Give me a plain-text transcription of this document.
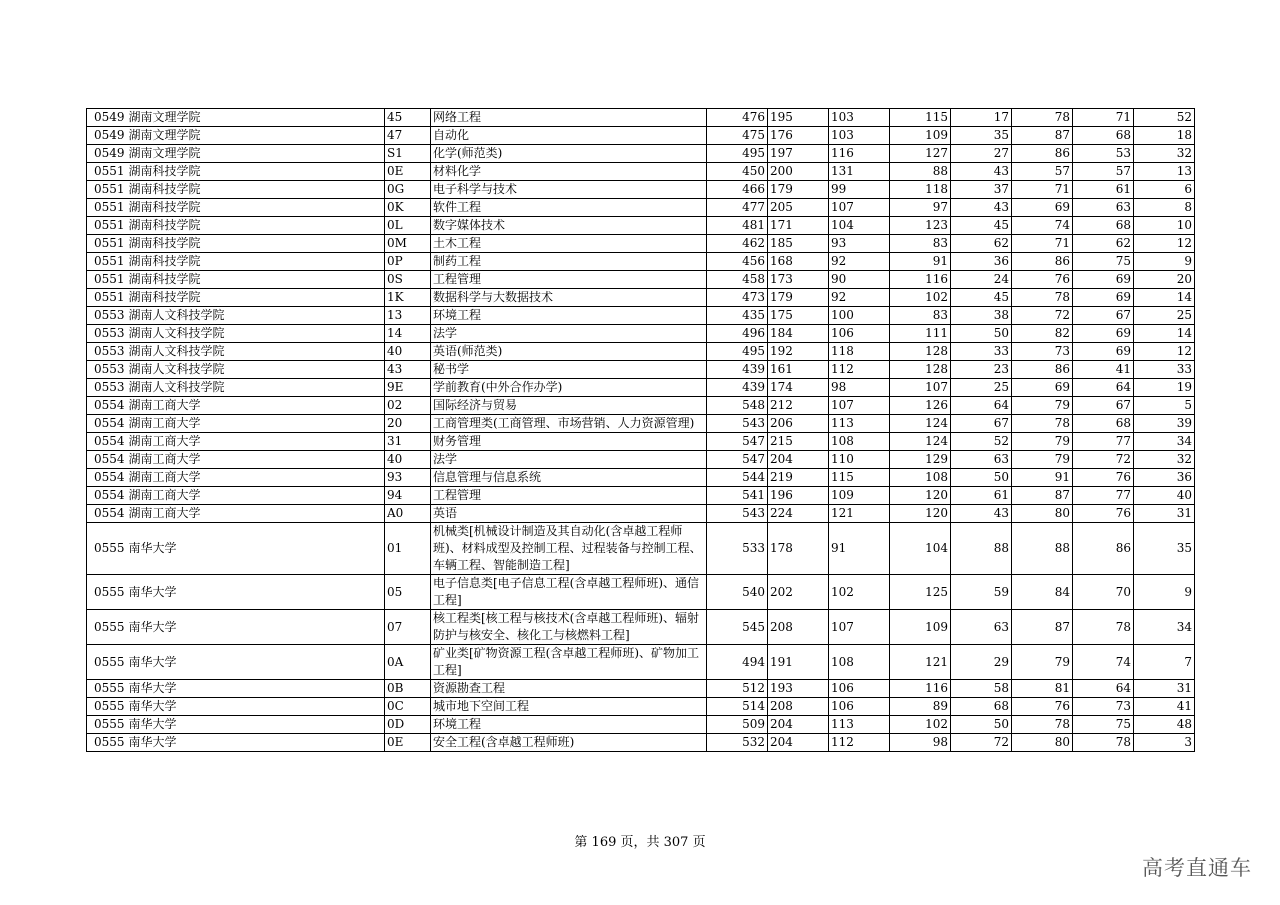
0549	湖南文理学院	45	网络工程	476	195	103	115	17	78	71	52
0549	湖南文理学院	47	自动化	475	176	103	109	35	87	68	18
0549	湖南文理学院	S1	化学(师范类)	495	197	116	127	27	86	53	32
0551	湖南科技学院	0E	材料化学	450	200	131	88	43	57	57	13
0551	湖南科技学院	0G	电子科学与技术	466	179	99	118	37	71	61	6
0551	湖南科技学院	0K	软件工程	477	205	107	97	43	69	63	8
0551	湖南科技学院	0L	数字媒体技术	481	171	104	123	45	74	68	10
0551	湖南科技学院	0M	土木工程	462	185	93	83	62	71	62	12
0551	湖南科技学院	0P	制药工程	456	168	92	91	36	86	75	9
0551	湖南科技学院	0S	工程管理	458	173	90	116	24	76	69	20
0551	湖南科技学院	1K	数据科学与大数据技术	473	179	92	102	45	78	69	14
0553	湖南人文科技学院	13	环境工程	435	175	100	83	38	72	67	25
0553	湖南人文科技学院	14	法学	496	184	106	111	50	82	69	14
0553	湖南人文科技学院	40	英语(师范类)	495	192	118	128	33	73	69	12
0553	湖南人文科技学院	43	秘书学	439	161	112	128	23	86	41	33
0553	湖南人文科技学院	9E	学前教育(中外合作办学)	439	174	98	107	25	69	64	19
0554	湖南工商大学	02	国际经济与贸易	548	212	107	126	64	79	67	5
0554	湖南工商大学	20	工商管理类(工商管理、市场营销、人力资源管理)	543	206	113	124	67	78	68	39
0554	湖南工商大学	31	财务管理	547	215	108	124	52	79	77	34
0554	湖南工商大学	40	法学	547	204	110	129	63	79	72	32
0554	湖南工商大学	93	信息管理与信息系统	544	219	115	108	50	91	76	36
0554	湖南工商大学	94	工程管理	541	196	109	120	61	87	77	40
0554	湖南工商大学	A0	英语	543	224	121	120	43	80	76	31
0555	南华大学	01	机械类[机械设计制造及其自动化(含卓越工程师班)、材料成型及控制工程、过程装备与控制工程、车辆工程、智能制造工程]	533	178	91	104	88	88	86	35
0555	南华大学	05	电子信息类[电子信息工程(含卓越工程师班)、通信工程]	540	202	102	125	59	84	70	9
0555	南华大学	07	核工程类[核工程与核技术(含卓越工程师班)、辐射防护与核安全、核化工与核燃料工程]	545	208	107	109	63	87	78	34
0555	南华大学	0A	矿业类[矿物资源工程(含卓越工程师班)、矿物加工工程]	494	191	108	121	29	79	74	7
0555	南华大学	0B	资源勘查工程	512	193	106	116	58	81	64	31
0555	南华大学	0C	城市地下空间工程	514	208	106	89	68	76	73	41
0555	南华大学	0D	环境工程	509	204	113	102	50	78	75	48
0555	南华大学	0E	安全工程(含卓越工程师班)	532	204	112	98	72	80	78	3
第 169 页，共 307 页
高考直通车
